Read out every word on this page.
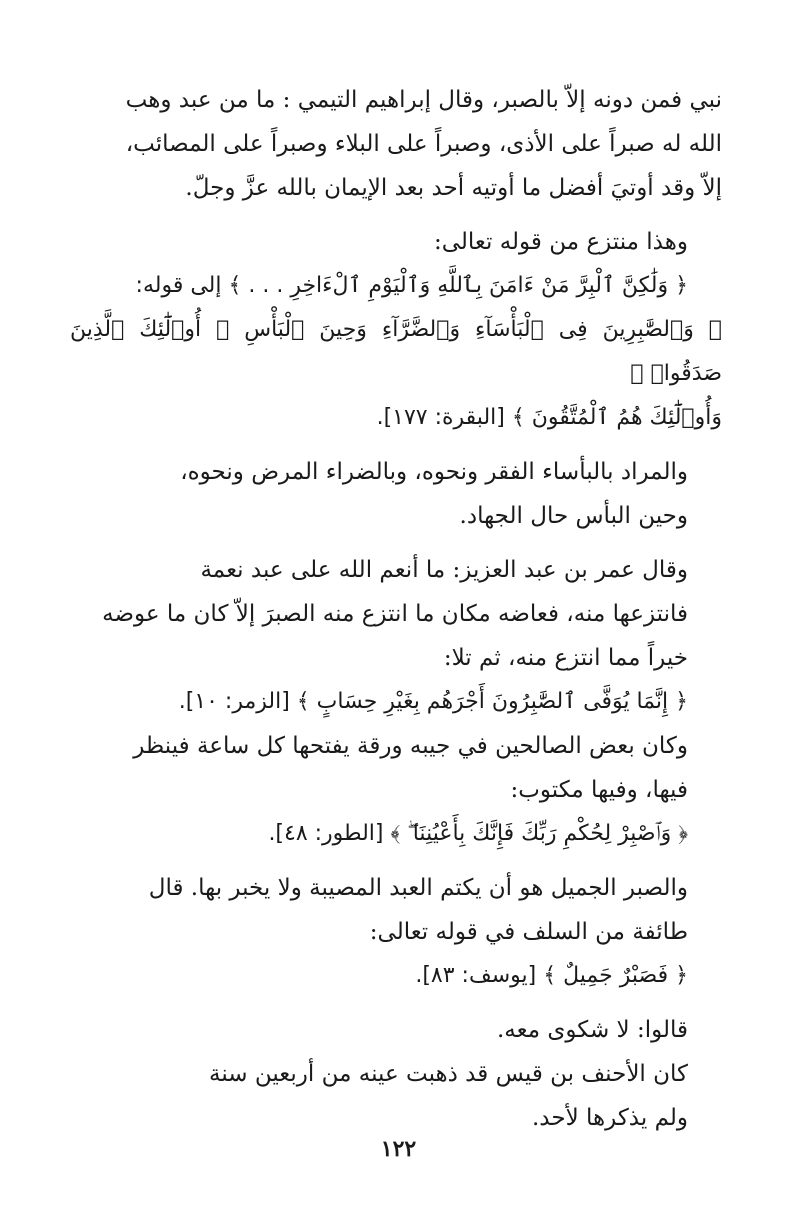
نبي فمن دونه إلاّ بالصبر، وقال إبراهيم التيمي : ما من عبد وهب
الله له صبراً على الأذى، وصبراً على البلاء وصبراً على المصائب،
إلاّ وقد أوتيَ أفضل ما أوتيه أحد بعد الإيمان بالله عزَّ وجلّ.

وهذا منتزع من قوله تعالى:

﴿ وَلَٰكِنَّ ٱلْبِرَّ مَنْ ءَامَنَ بِٱللَّهِ وَٱلْيَوْمِ ٱلْءَاخِرِ . . . ﴾ إلى قوله:
﴿ وَٱلصَّٰبِرِينَ فِى ٱلْبَأْسَآءِ وَٱلضَّرَّآءِ وَحِينَ ٱلْبَأْسِ ۗ أُو۟لَٰٓئِكَ ٱلَّذِينَ صَدَقُوا۟ ۖ
وَأُو۟لَٰٓئِكَ هُمُ ٱلْمُتَّقُونَ ﴾ [البقرة: ١٧٧].

والمراد بالبأساء الفقر ونحوه، وبالضراء المرض ونحوه،
وحين البأس حال الجهاد.

وقال عمر بن عبد العزيز: ما أنعم الله على عبد نعمة
فانتزعها منه، فعاضه مكان ما انتزع منه الصبرَ إلاّ كان ما عوضه
خيراً مما انتزع منه، ثم تلا:

﴿ إِنَّمَا يُوَفَّى ٱلصَّٰبِرُونَ أَجْرَهُم بِغَيْرِ حِسَابٍ ﴾ [الزمر: ١٠].

وكان بعض الصالحين في جيبه ورقة يفتحها كل ساعة فينظر
فيها، وفيها مكتوب:

﴿ وَٱصْبِرْ لِحُكْمِ رَبِّكَ فَإِنَّكَ بِأَعْيُنِنَا ۖ ﴾ [الطور: ٤٨].

والصبر الجميل هو أن يكتم العبد المصيبة ولا يخبر بها. قال
طائفة من السلف في قوله تعالى:

﴿ فَصَبْرٌ جَمِيلٌ ﴾ [يوسف: ٨٣].

قالوا: لا شكوى معه.

كان الأحنف بن قيس قد ذهبت عينه من أربعين سنة
ولم يذكرها لأحد.

١٢٢
